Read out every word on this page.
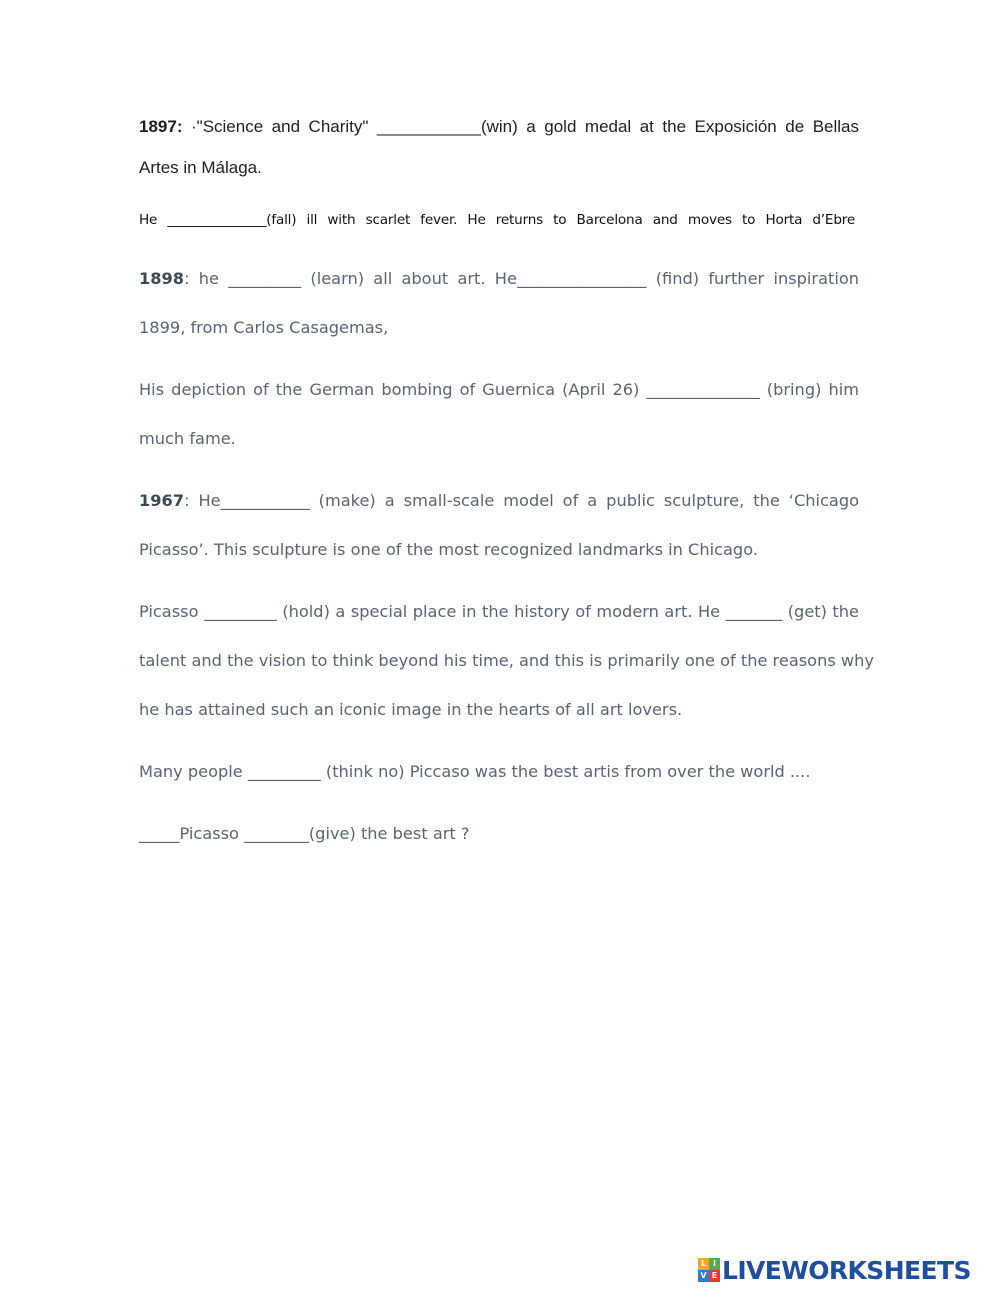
1897: ·"Science and Charity" ___________(win) a gold medal at the Exposición de Bellas
Artes in Málaga.
He _______________(fall) ill with scarlet fever. He returns to Barcelona and moves to Horta d’Ebre
1898: he _________ (learn) all about art. He________________ (find) further inspiration
1899, from Carlos Casagemas,
His depiction of the German bombing of Guernica (April 26) ______________ (bring) him
much fame.
1967: He___________ (make) a small-scale model of a public sculpture, the ‘Chicago
Picasso’. This sculpture is one of the most recognized landmarks in Chicago.
Picasso _________ (hold) a special place in the history of modern art. He _______ (get) the
talent and the vision to think beyond his time, and this is primarily one of the reasons why
he has attained such an iconic image in the hearts of all art lovers.
Many people _________ (think no) Piccaso was the best artis from over the world ....
_____Picasso ________(give) the best art ?
L I
V E LIVEWORKSHEETS
